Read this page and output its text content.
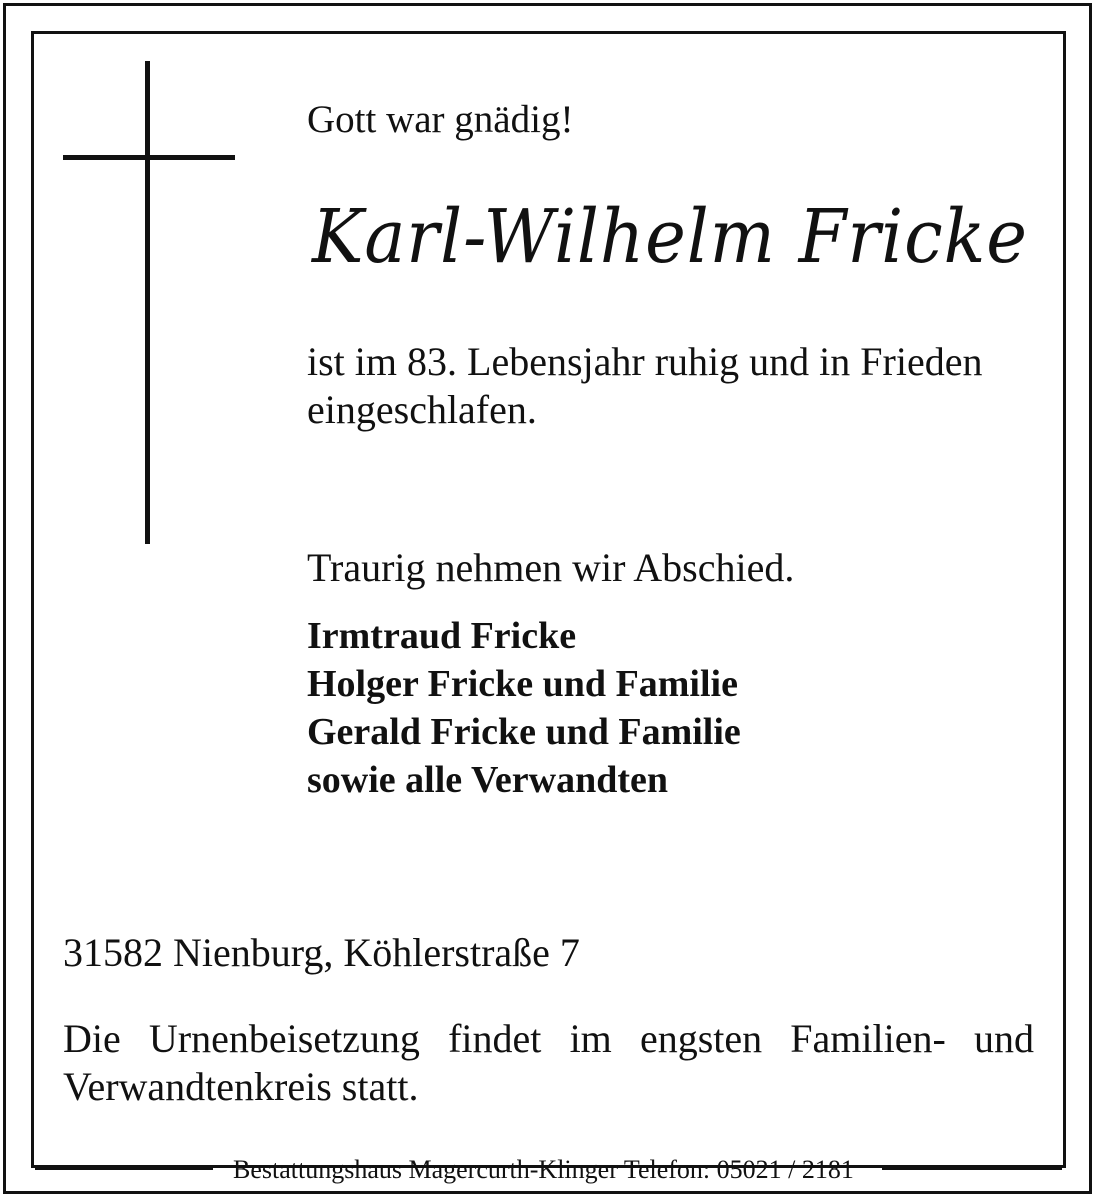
Gott war gnädig!

Karl-Wilhelm Fricke

ist im 83. Lebensjahr ruhig und in Frieden eingeschlafen.

Traurig nehmen wir Abschied.

Irmtraud Fricke
Holger Fricke und Familie
Gerald Fricke und Familie
sowie alle Verwandten

31582 Nienburg, Köhlerstraße 7

Die Urnenbeisetzung findet im engsten Familien- und Verwandtenkreis statt.

Bestattungshaus Magercurth-Klinger Telefon: 05021 / 2181
